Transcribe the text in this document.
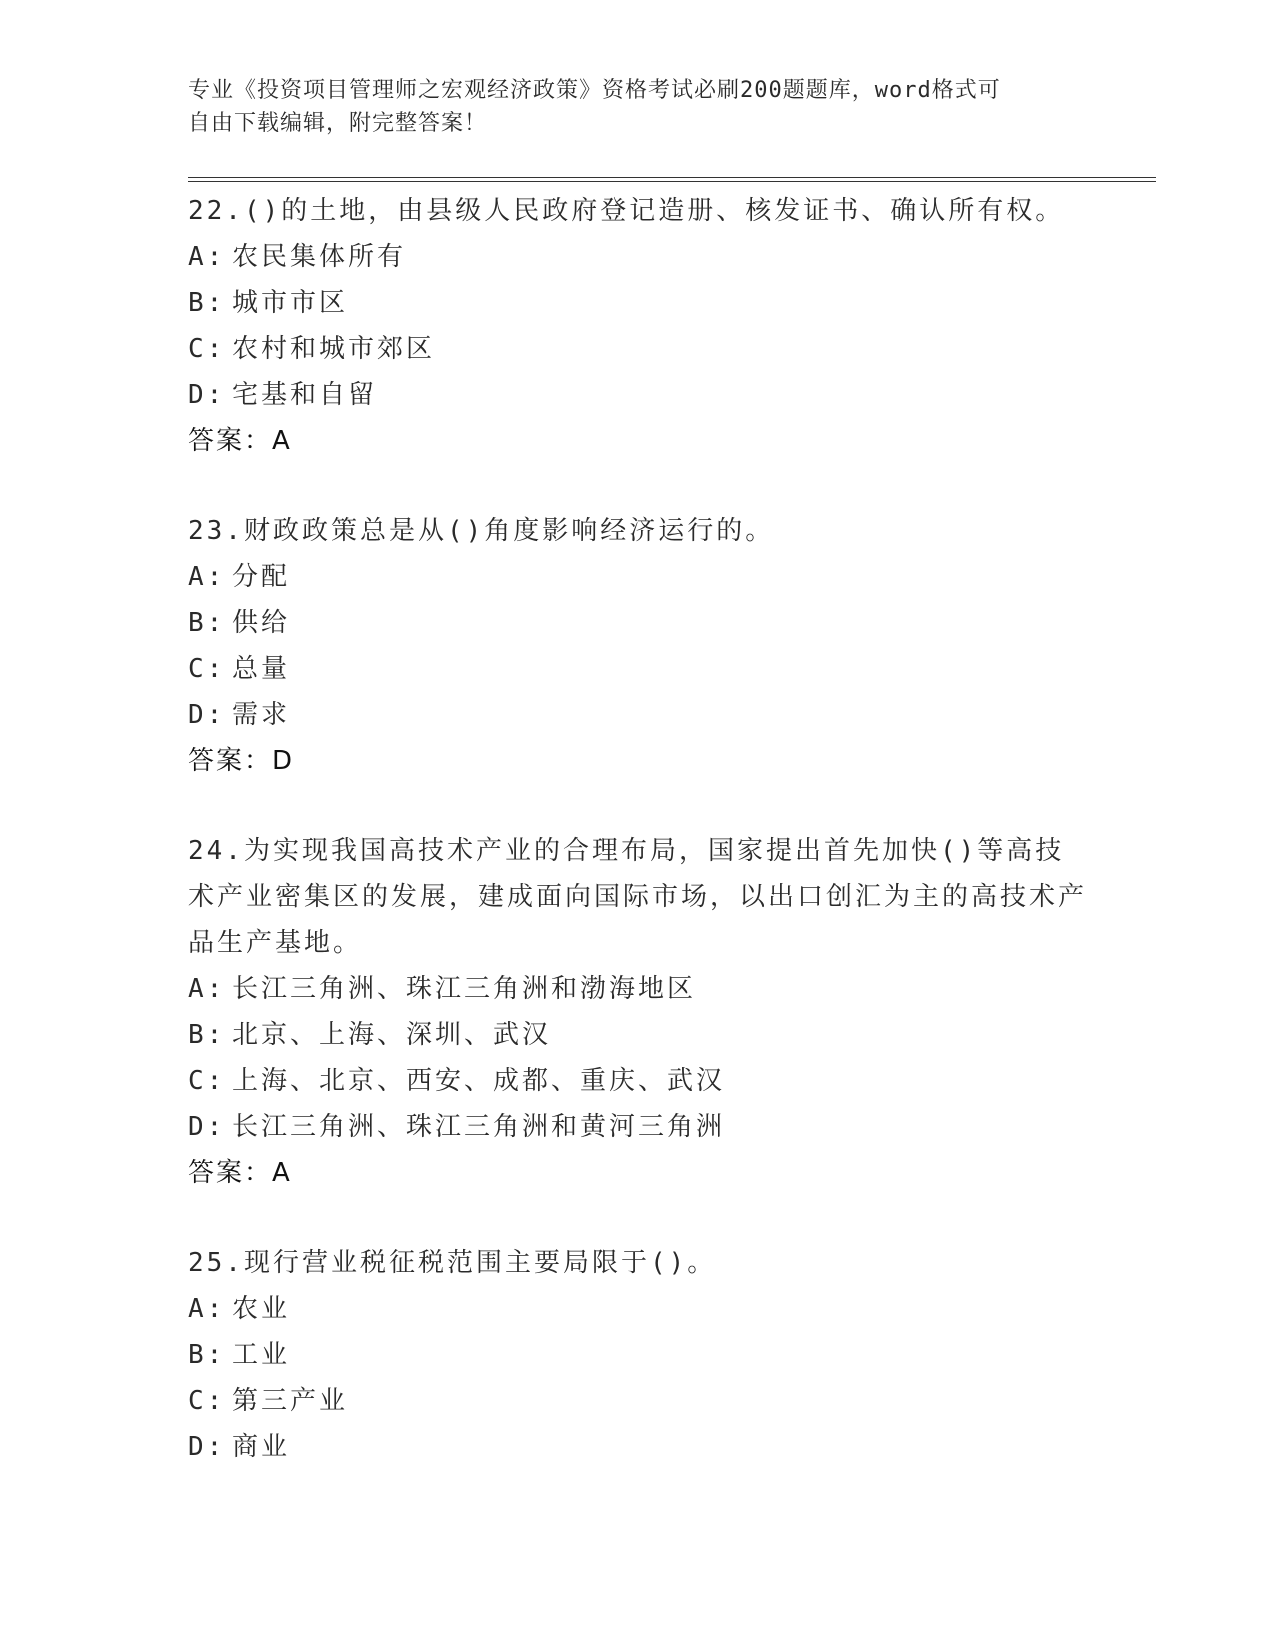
专业《投资项目管理师之宏观经济政策》资格考试必刷200题题库，word格式可
自由下载编辑，附完整答案！
22.()的土地，由县级人民政府登记造册、核发证书、确认所有权。
A: 农民集体所有
B: 城市市区
C: 农村和城市郊区
D: 宅基和自留
答案：A
23.财政政策总是从()角度影响经济运行的。
A: 分配
B: 供给
C: 总量
D: 需求
答案：D
24.为实现我国高技术产业的合理布局，国家提出首先加快()等高技术产业密集区的发展，建成面向国际市场，以出口创汇为主的高技术产品生产基地。
A: 长江三角洲、珠江三角洲和渤海地区
B: 北京、上海、深圳、武汉
C: 上海、北京、西安、成都、重庆、武汉
D: 长江三角洲、珠江三角洲和黄河三角洲
答案：A
25.现行营业税征税范围主要局限于()。
A: 农业
B: 工业
C: 第三产业
D: 商业
